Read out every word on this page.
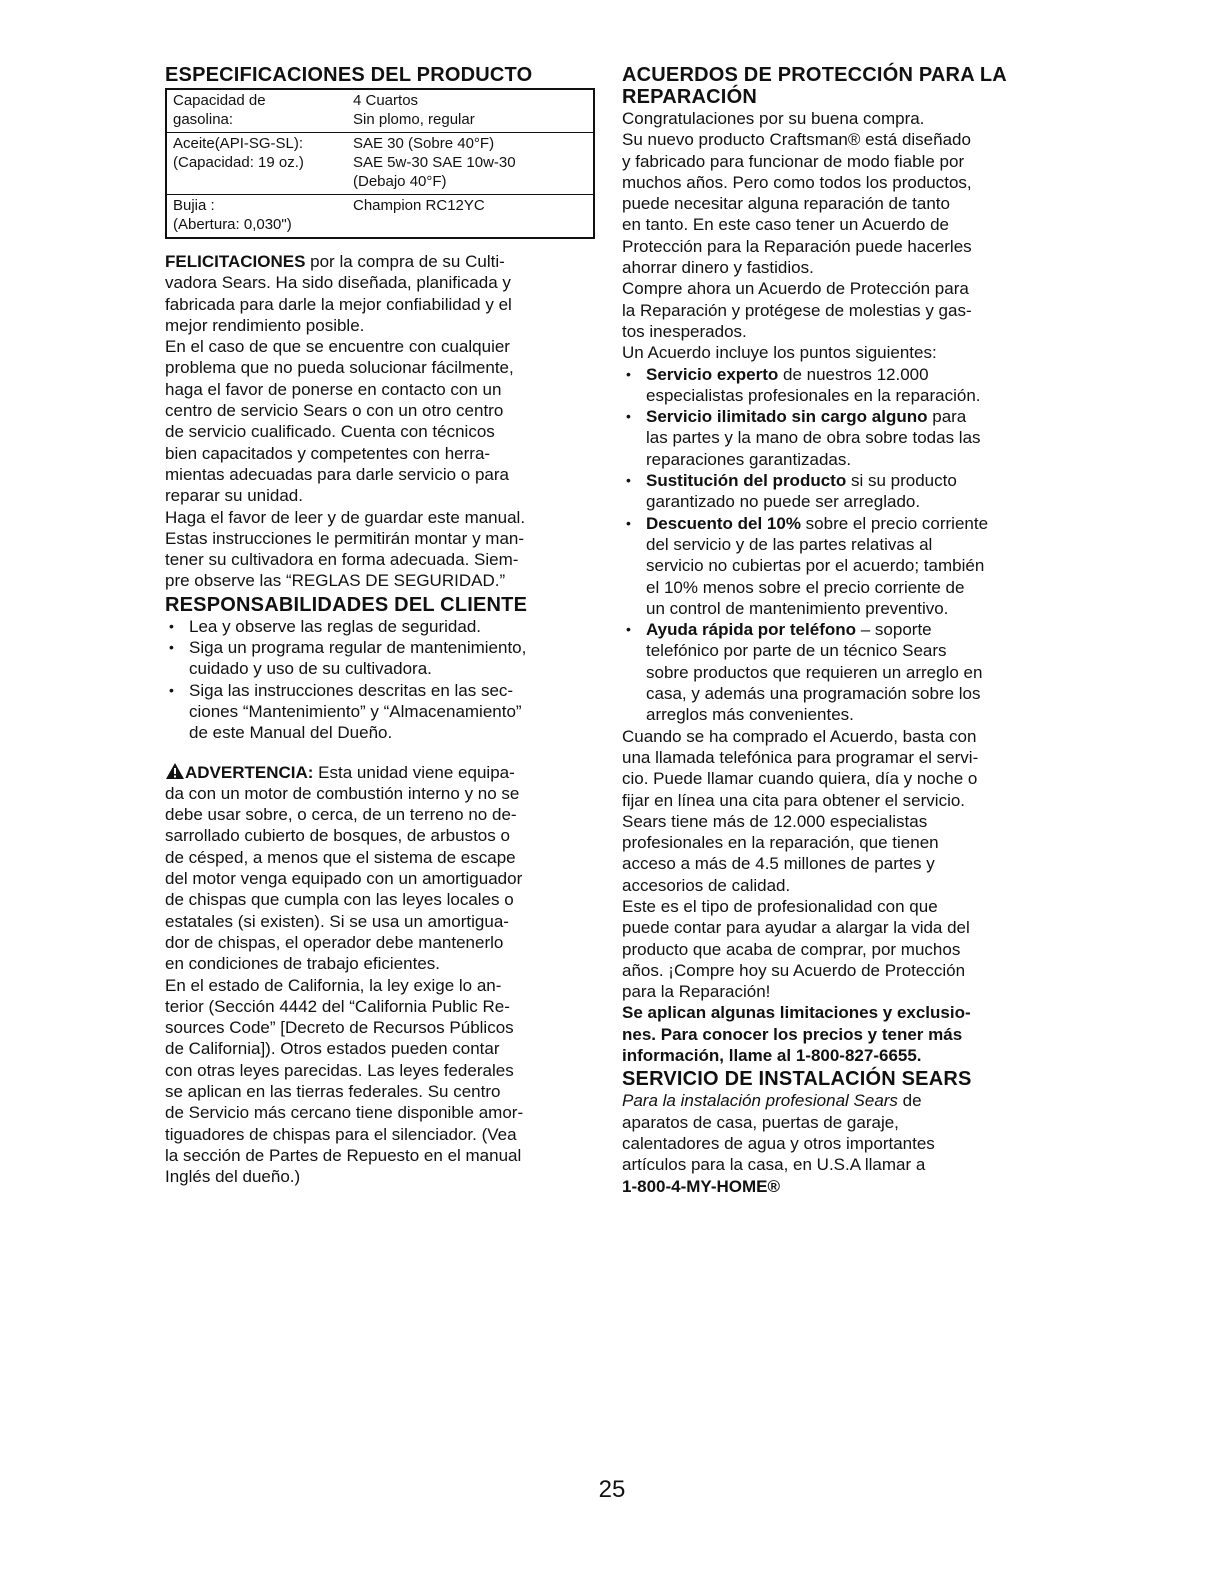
ESPECIFICACIONES DEL PRODUCTO
Capacidad de
gasolina:	4 Cuartos
Sin plomo, regular
Aceite(API-SG-SL):
(Capacidad: 19 oz.)	SAE 30 (Sobre 40°F)
SAE 5w-30 SAE 10w-30
(Debajo 40°F)
Bujia :
(Abertura: 0,030")	Champion RC12YC

FELICITACIONES por la compra de su Culti-
vadora Sears. Ha sido diseñada, planificada y
fabricada para darle la mejor confiabilidad y el
mejor rendimiento posible.

En el caso de que se encuentre con cualquier
problema que no pueda solucionar fácilmente,
haga el favor de ponerse en contacto con un
centro de servicio Sears o con un otro centro
de servicio cualificado. Cuenta con técnicos
bien capacitados y competentes con herra-
mientas adecuadas para darle servicio o para
reparar su unidad.

Haga el favor de leer y de guardar este manual.
Estas instrucciones le permitirán montar y man-
tener su cultivadora en forma adecuada. Siem-
pre observe las “REGLAS DE SEGURIDAD.”

RESPONSABILIDADES DEL CLIENTE
• Lea y observe las reglas de seguridad.
• Siga un programa regular de mantenimiento,
cuidado y uso de su cultivadora.
• Siga las instrucciones descritas en las sec-
ciones “Mantenimiento” y “Almacenamiento”
de este Manual del Dueño.

ADVERTENCIA: Esta unidad viene equipa-
da con un motor de combustión interno y no se
debe usar sobre, o cerca, de un terreno no de-
sarrollado cubierto de bosques, de arbustos o
de césped, a menos que el sistema de escape
del motor venga equipado con un amortiguador
de chispas que cumpla con las leyes locales o
estatales (si existen). Si se usa un amortigua-
dor de chispas, el operador debe mantenerlo
en condiciones de trabajo eficientes.

En el estado de California, la ley exige lo an-
terior (Sección 4442 del “California Public Re-
sources Code” [Decreto de Recursos Públicos
de California]). Otros estados pueden contar
con otras leyes parecidas. Las leyes federales
se aplican en las tierras federales. Su centro
de Servicio más cercano tiene disponible amor-
tiguadores de chispas para el silenciador. (Vea
la sección de Partes de Repuesto en el manual
Inglés del dueño.)

ACUERDOS DE PROTECCIÓN PARA LA
REPARACIÓN

Congratulaciones por su buena compra.
Su nuevo producto Craftsman® está diseñado
y fabricado para funcionar de modo fiable por
muchos años. Pero como todos los productos,
puede necesitar alguna reparación de tanto
en tanto. En este caso tener un Acuerdo de
Protección para la Reparación puede hacerles
ahorrar dinero y fastidios.

Compre ahora un Acuerdo de Protección para
la Reparación y protégese de molestias y gas-
tos inesperados.

Un Acuerdo incluye los puntos siguientes:

• Servicio experto de nuestros 12.000
especialistas profesionales en la reparación.
• Servicio ilimitado sin cargo alguno para
las partes y la mano de obra sobre todas las
reparaciones garantizadas.
• Sustitución del producto si su producto
garantizado no puede ser arreglado.
• Descuento del 10% sobre el precio corriente
del servicio y de las partes relativas al
servicio no cubiertas por el acuerdo; también
el 10% menos sobre el precio corriente de
un control de mantenimiento preventivo.
• Ayuda rápida por teléfono – soporte
telefónico por parte de un técnico Sears
sobre productos que requieren un arreglo en
casa, y además una programación sobre los
arreglos más convenientes.

Cuando se ha comprado el Acuerdo, basta con
una llamada telefónica para programar el servi-
cio. Puede llamar cuando quiera, día y noche o
fijar en línea una cita para obtener el servicio.
Sears tiene más de 12.000 especialistas
profesionales en la reparación, que tienen
acceso a más de 4.5 millones de partes y
accesorios de calidad.

Este es el tipo de profesionalidad con que
puede contar para ayudar a alargar la vida del
producto que acaba de comprar, por muchos
años. ¡Compre hoy su Acuerdo de Protección
para la Reparación!

Se aplican algunas limitaciones y exclusio-
nes. Para conocer los precios y tener más
información, llame al 1-800-827-6655.

SERVICIO DE INSTALACIÓN SEARS

Para la instalación profesional Sears de
aparatos de casa, puertas de garaje,
calentadores de agua y otros importantes
artículos para la casa, en U.S.A llamar a

1-800-4-MY-HOME®

25
